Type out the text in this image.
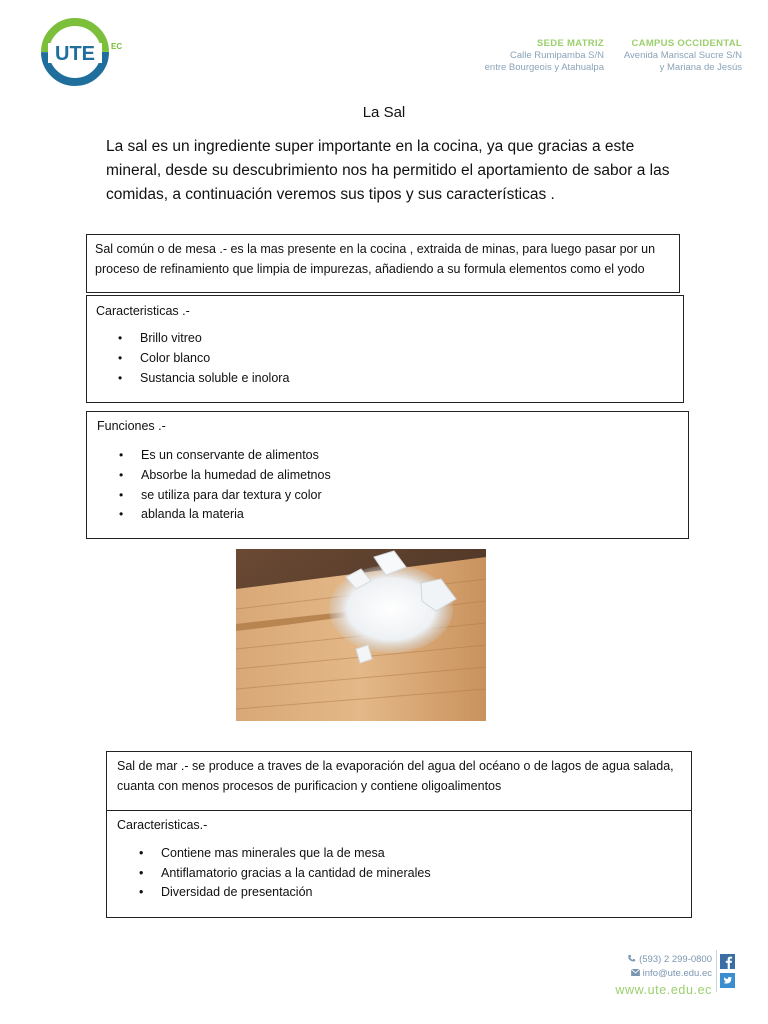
UTE EC	SEDE MATRIZ
Calle Rumipamba S/N
entre Bourgeois y Atahualpa
CAMPUS OCCIDENTAL
Avenida Mariscal Sucre S/N
y Mariana de Jesús
La Sal
La sal es un ingrediente super importante en la cocina, ya que gracias a este mineral, desde su descubrimiento nos ha permitido el aportamiento de sabor a las comidas, a continuación veremos sus tipos y sus características .

Sal común o de mesa .- es la mas presente en la cocina , extraida de minas, para luego pasar por un proceso de refinamiento que limpia de impurezas, añadiendo a su formula elementos como el yodo

Caracteristicas .-

• Brillo vitreo
• Color blanco
• Sustancia soluble e inolora

Funciones .-

• Es un conservante de alimentos
• Absorbe la humedad de alimetnos
• se utiliza para dar textura y color
• ablanda la materia
Sal de mar .- se produce a traves de la evaporación del agua del océano o de lagos de agua salada, cuanta con menos procesos de purificacion y contiene oligoalimentos
Caracteristicas.-
• Contiene mas minerales que la de mesa
• Antiflamatorio gracias a la cantidad de minerales
• Diversidad de presentación
(593) 2 299-0800
info@ute.edu.ec
www.ute.edu.ec
